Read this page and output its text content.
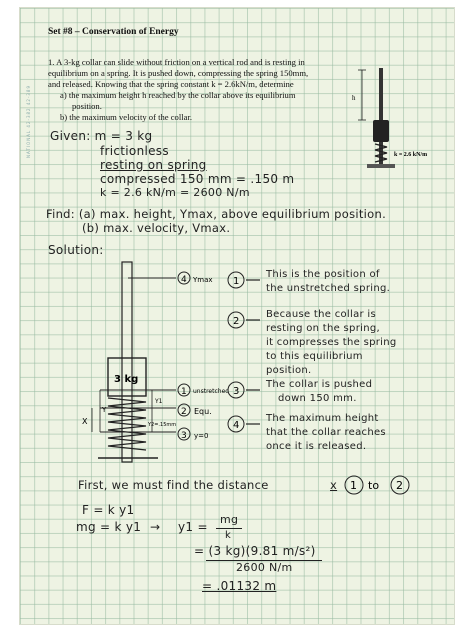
NATIONAL 42-382 42-389
Set #8 – Conservation of Energy
1. A 3-kg collar can slide without friction on a vertical rod and is resting in
equilibrium on a spring. It is pushed down, compressing the spring 150mm,
and released. Knowing that the spring constant k = 2.6kN/m, determine
a) the maximum height h reached by the collar above its equilibrium
position.
b) the maximum velocity of the collar.
h
k = 2.6 kN/m
Given: m = 3 kg
frictionless
resting on spring
compressed 150 mm = .150 m
k = 2.6 kN/m = 2600 N/m
Find: (a) max. height, Ymax, above equilibrium position.
(b) max. velocity, Vmax.
Solution:
4 Ymax
3 kg
1 unstretched
2 Equ.
Y1
3 y=0
Y2=.15mm
X
Y
1
2
3
4
This is the position of
the unstretched spring.
Because the collar is
resting on the spring,
it compresses the spring
to this equilibrium
position.
The collar is pushed
down 150 mm.
The maximum height
that the collar reaches
once it is released.
First, we must find the distance	x 1 to 2
F = k y1
mg = k y1 → y1 =
mg
k
= (3 kg)(9.81 m/s²)
2600 N/m
= .01132 m
